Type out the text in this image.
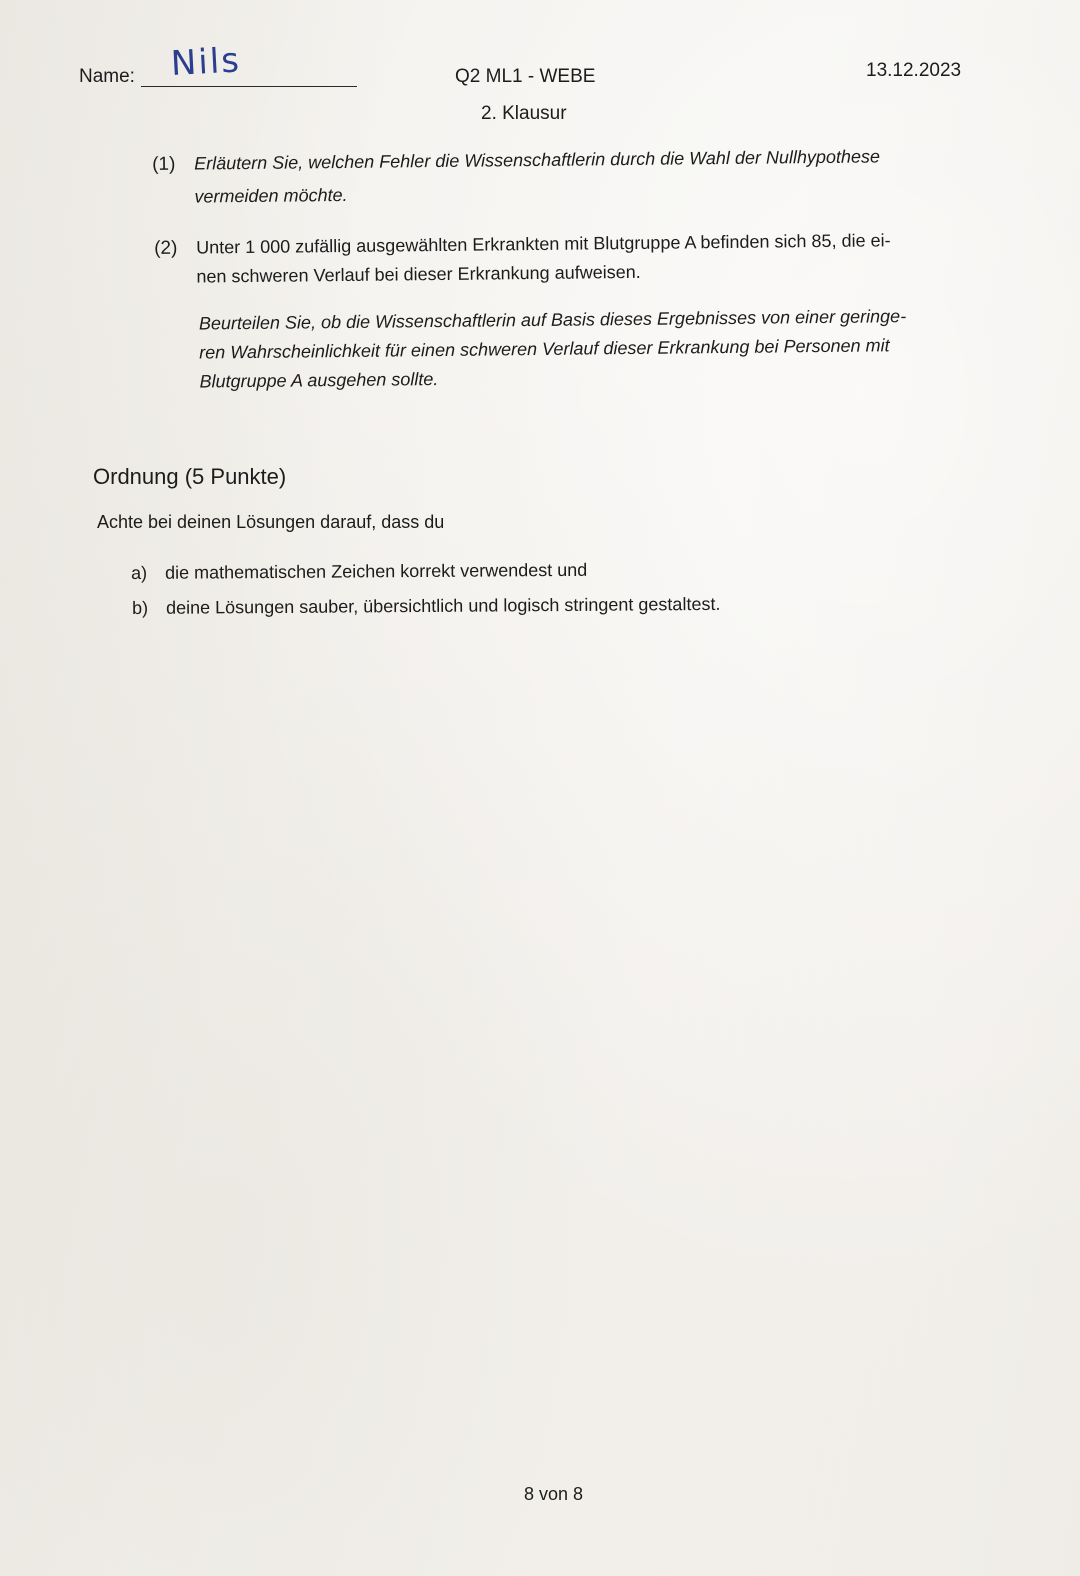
Name: Nils	Q2 ML1 - WEBE	13.12.2023
2. Klausur
(1) Erläutern Sie, welchen Fehler die Wissenschaftlerin durch die Wahl der Nullhypothese
vermeiden möchte.
(2) Unter 1 000 zufällig ausgewählten Erkrankten mit Blutgruppe A befinden sich 85, die ei-
nen schweren Verlauf bei dieser Erkrankung aufweisen.
Beurteilen Sie, ob die Wissenschaftlerin auf Basis dieses Ergebnisses von einer geringe-
ren Wahrscheinlichkeit für einen schweren Verlauf dieser Erkrankung bei Personen mit
Blutgruppe A ausgehen sollte.
Ordnung (5 Punkte)
Achte bei deinen Lösungen darauf, dass du
a) die mathematischen Zeichen korrekt verwendest und
b) deine Lösungen sauber, übersichtlich und logisch stringent gestaltest.
8 von 8
